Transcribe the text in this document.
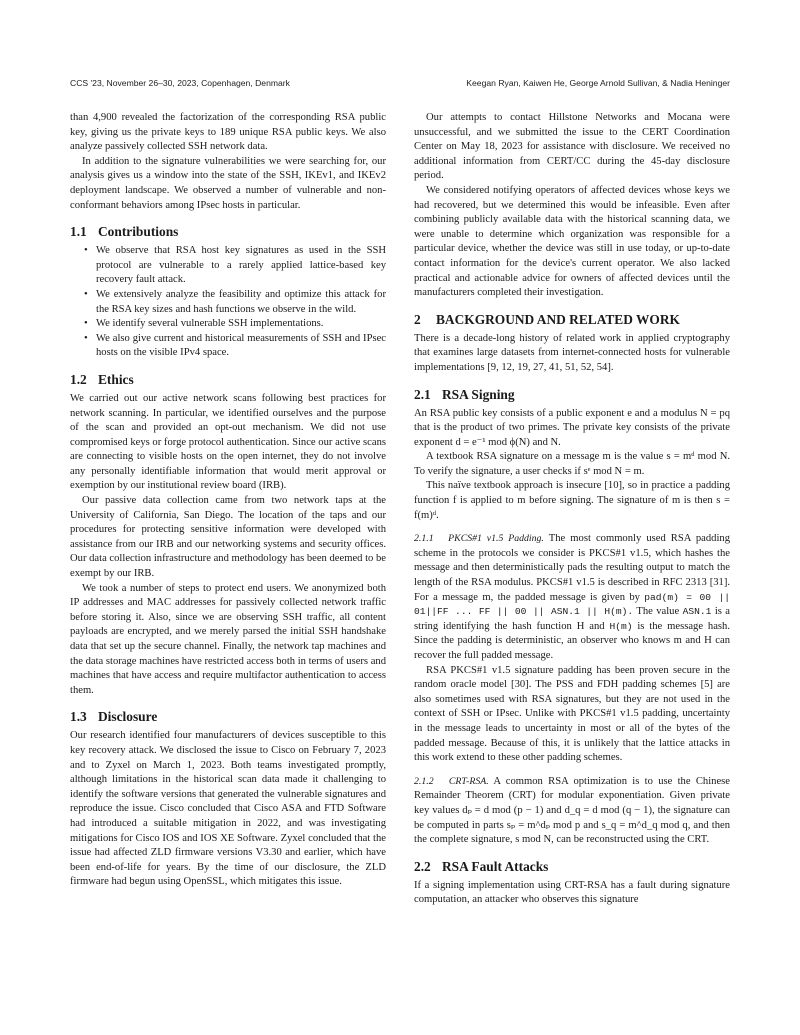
CCS '23, November 26–30, 2023, Copenhagen, Denmark	Keegan Ryan, Kaiwen He, George Arnold Sullivan, & Nadia Heninger

than 4,900 revealed the factorization of the corresponding RSA public key, giving us the private keys to 189 unique RSA public keys. We also analyze passively collected SSH network data.

In addition to the signature vulnerabilities we were searching for, our analysis gives us a window into the state of the SSH, IKEv1, and IKEv2 deployment landscape. We observed a number of vulnerable and non-conformant behaviors among IPsec hosts in particular.

1.1 Contributions
• We observe that RSA host key signatures as used in the SSH protocol are vulnerable to a rarely applied lattice-based key recovery fault attack.
• We extensively analyze the feasibility and optimize this attack for the RSA key sizes and hash functions we observe in the wild.
• We identify several vulnerable SSH implementations.
• We also give current and historical measurements of SSH and IPsec hosts on the visible IPv4 space.
1.2 Ethics

We carried out our active network scans following best practices for network scanning. In particular, we identified ourselves and the purpose of the scan and provided an opt-out mechanism. We did not use compromised keys or forge protocol authentication. Since our active scans are connecting to visible hosts on the open internet, they do not involve any personally identifiable information that would merit approval or exemption by our institutional review board (IRB).

Our passive data collection came from two network taps at the University of California, San Diego. The location of the taps and our procedures for protecting sensitive information were developed with assistance from our IRB and our networking systems and security offices. Our data collection infrastructure and methodology has been deemed to be exempt by our IRB.

We took a number of steps to protect end users. We anonymized both IP addresses and MAC addresses for passively collected network traffic before storing it. Also, since we are observing SSH traffic, all content payloads are encrypted, and we merely parsed the initial SSH handshake data that set up the secure channel. Finally, the network tap machines and the data storage machines have restricted access both in terms of users and machines that have access and require multifactor authentication to access them.

1.3 Disclosure

Our research identified four manufacturers of devices susceptible to this key recovery attack. We disclosed the issue to Cisco on February 7, 2023 and to Zyxel on March 1, 2023. Both teams investigated promptly, although limitations in the historical scan data made it challenging to identify the software versions that generated the vulnerable signatures and reproduce the issue. Cisco concluded that Cisco ASA and FTD Software had introduced a suitable mitigation in 2022, and was investigating mitigations for Cisco IOS and IOS XE Software. Zyxel concluded that the issue had affected ZLD firmware versions V3.30 and earlier, which have been end-of-life for years. By the time of our disclosure, the ZLD firmware had begun using OpenSSL, which mitigates this issue.

Our attempts to contact Hillstone Networks and Mocana were unsuccessful, and we submitted the issue to the CERT Coordination Center on May 18, 2023 for assistance with disclosure. We received no additional information from CERT/CC during the 45-day disclosure period.

We considered notifying operators of affected devices whose keys we had recovered, but we determined this would be infeasible. Even after combining publicly available data with the historical scanning data, we were unable to determine which organization was responsible for a particular device, whether the device was still in use today, or up-to-date contact information for the device's current operator. We also lacked practical and actionable advice for owners of affected devices until the manufacturers completed their investigation.

2 BACKGROUND AND RELATED WORK

There is a decade-long history of related work in applied cryptography that examines large datasets from internet-connected hosts for vulnerable implementations [9, 12, 19, 27, 41, 51, 52, 54].

2.1 RSA Signing

An RSA public key consists of a public exponent e and a modulus N = pq that is the product of two primes. The private key consists of the private exponent d = e⁻¹ mod ϕ(N) and N.

A textbook RSA signature on a message m is the value s = mᵈ mod N. To verify the signature, a user checks if sᵉ mod N = m.

This naïve textbook approach is insecure [10], so in practice a padding function f is applied to m before signing. The signature of m is then s = f(m)ᵈ.

2.1.1 PKCS#1 v1.5 Padding. The most commonly used RSA padding scheme in the protocols we consider is PKCS#1 v1.5, which hashes the message and then deterministically pads the resulting output to match the length of the RSA modulus. PKCS#1 v1.5 is described in RFC 2313 [31]. For a message m, the padded message is given by pad(m) = 00 || 01||FF ... FF || 00 || ASN.1 || H(m). The value ASN.1 is a string identifying the hash function H and H(m) is the message hash. Since the padding is deterministic, an observer who knows m and H can recover the full padded message.

RSA PKCS#1 v1.5 signature padding has been proven secure in the random oracle model [30]. The PSS and FDH padding schemes [5] are also sometimes used with RSA signatures, but they are not used in the context of SSH or IPsec. Unlike with PKCS#1 v1.5 padding, uncertainty in the message leads to uncertainty in most or all of the bytes of the padded message. Because of this, it is unlikely that the lattice attacks in this work extend to these other padding schemes.

2.1.2 CRT-RSA. A common RSA optimization is to use the Chinese Remainder Theorem (CRT) for modular exponentiation. Given private key values dₚ = d mod (p − 1) and d_q = d mod (q − 1), the signature can be computed in parts sₚ = m^dₚ mod p and s_q = m^d_q mod q, and then the complete signature, s mod N, can be reconstructed using the CRT.

2.2 RSA Fault Attacks

If a signing implementation using CRT-RSA has a fault during signature computation, an attacker who observes this signature
